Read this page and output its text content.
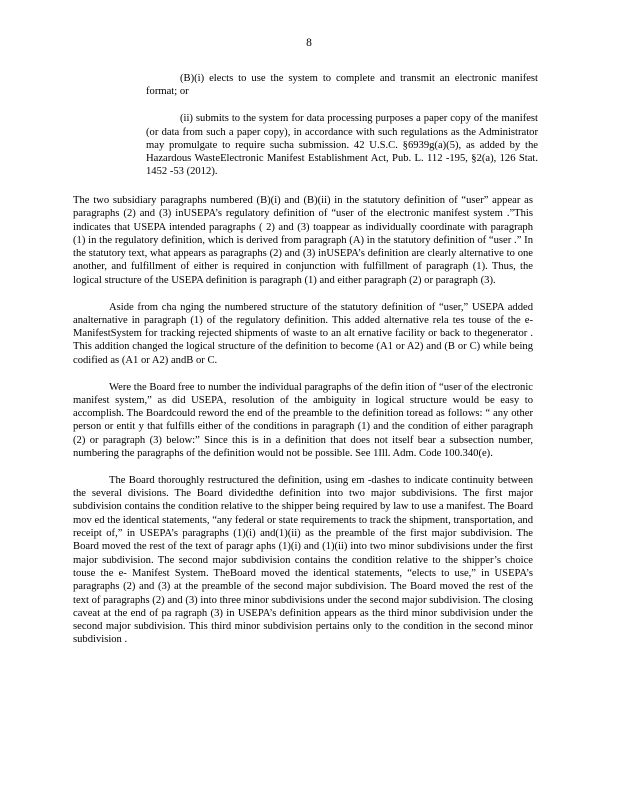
8

(B)(i) elects to use the system to complete and transmit an electronic manifest format; or

(ii) submits to the system for data processing purposes a paper copy of the manifest (or data from such a paper copy), in accordance with such regulations as the Administrator may promulgate to require sucha submission. 42 U.S.C. §6939g(a)(5), as added by the Hazardous WasteElectronic Manifest Establishment Act, Pub. L. 112 -195, §2(a), 126 Stat. 1452 -53 (2012).

The two subsidiary paragraphs numbered (B)(i) and (B)(ii) in the statutory definition of “user” appear as paragraphs (2) and (3) inUSEPA’s regulatory definition of “user of the electronic manifest system .”This indicates that USEPA intended paragraphs ( 2) and (3) toappear as individually coordinate with paragraph (1) in the regulatory definition, which is derived from paragraph (A) in the statutory definition of “user .” In the statutory text, what appears as paragraphs (2) and (3) inUSEPA’s definition are clearly alternative to one another, and fulfillment of either is required in conjunction with fulfillment of paragraph (1). Thus, the logical structure of the USEPA definition is paragraph (1) and either paragraph (2) or paragraph (3).

Aside from cha nging the numbered structure of the statutory definition of “user,” USEPA added analternative in paragraph (1) of the regulatory definition. This added alternative rela tes touse of the e- ManifestSystem for tracking rejected shipments of waste to an alt ernative facility or back to thegenerator . This addition changed the logical structure of the definition to become (A1 or A2) and (B or C) while being codified as (A1 or A2) andB or C.

Were the Board free to number the individual paragraphs of the defin ition of “user of the electronic manifest system,” as did USEPA, resolution of the ambiguity in logical structure would be easy to accomplish. The Boardcould reword the end of the preamble to the definition toread as follows: “ any other person or entit y that fulfills either of the conditions in paragraph (1) and the condition of either paragraph (2) or paragraph (3) below:” Since this is in a definition that does not itself bear a subsection number, numbering the paragraphs of the definition would not be possible. See 1Ill. Adm. Code 100.340(e).

The Board thoroughly restructured the definition, using em -dashes to indicate continuity between the several divisions. The Board dividedthe definition into two major subdivisions. The first major subdivision contains the condition relative to the shipper being required by law to use a manifest. The Board mov ed the identical statements, “any federal or state requirements to track the shipment, transportation, and receipt of,” in USEPA’s paragraphs (1)(i) and(1)(ii) as the preamble of the first major subdivision. The Board moved the rest of the text of paragr aphs (1)(i) and (1)(ii) into two minor subdivisions under the first major subdivision. The second major subdivision contains the condition relative to the shipper’s choice touse the e- Manifest System. TheBoard moved the identical statements, “elects to use,” in USEPA’s paragraphs (2) and (3) at the preamble of the second major subdivision. The Board moved the rest of the text of paragraphs (2) and (3) into three minor subdivisions under the second major subdivision. The closing caveat at the end of pa ragraph (3) in USEPA’s definition appears as the third minor subdivision under the second major subdivision. This third minor subdivision pertains only to the condition in the second minor subdivision .
